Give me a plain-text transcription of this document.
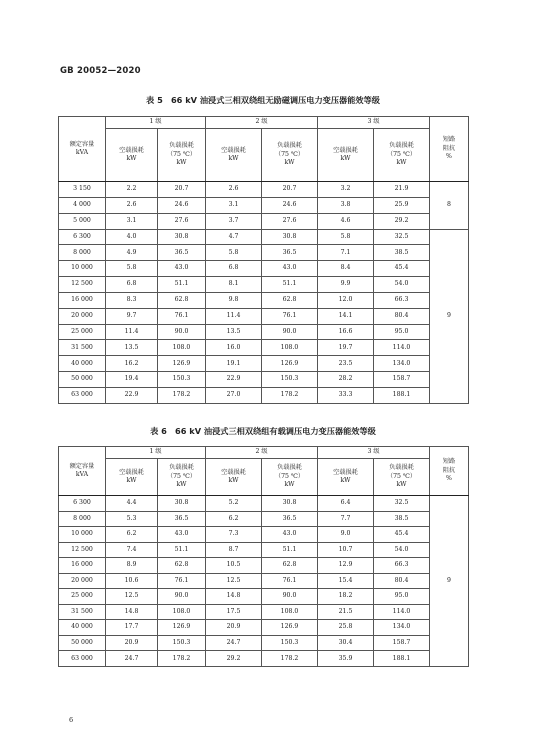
GB 20052—2020
表 5　66 kV 油浸式三相双绕组无励磁调压电力变压器能效等级
额定容量
kVA	1 级		2 级		3 级		短路
阻抗
%

	空载损耗
kW	负载损耗
（75 ℃）
kW	空载损耗
kW	负载损耗
（75 ℃）
kW	空载损耗
kW	负载损耗
（75 ℃）
kW	

3 150	2.2	20.7	2.6	20.7	3.2	21.9	8
4 000	2.6	24.6	3.1	24.6	3.8	25.9	
5 000	3.1	27.6	3.7	27.6	4.6	29.2	
6 300	4.0	30.8	4.7	30.8	5.8	32.5	9
8 000	4.9	36.5	5.8	36.5	7.1	38.5	
10 000	5.8	43.0	6.8	43.0	8.4	45.4	
12 500	6.8	51.1	8.1	51.1	9.9	54.0	
16 000	8.3	62.8	9.8	62.8	12.0	66.3	
20 000	9.7	76.1	11.4	76.1	14.1	80.4	
25 000	11.4	90.0	13.5	90.0	16.6	95.0	
31 500	13.5	108.0	16.0	108.0	19.7	114.0	
40 000	16.2	126.9	19.1	126.9	23.5	134.0	
50 000	19.4	150.3	22.9	150.3	28.2	158.7	
63 000	22.9	178.2	27.0	178.2	33.3	188.1	
表 6　66 kV 油浸式三相双绕组有载调压电力变压器能效等级
额定容量
kVA	1 级		2 级		3 级		短路
阻抗
%

	空载损耗
kW	负载损耗
（75 ℃）
kW	空载损耗
kW	负载损耗
（75 ℃）
kW	空载损耗
kW	负载损耗
（75 ℃）
kW	

6 300	4.4	30.8	5.2	30.8	6.4	32.5	9
8 000	5.3	36.5	6.2	36.5	7.7	38.5	
10 000	6.2	43.0	7.3	43.0	9.0	45.4	
12 500	7.4	51.1	8.7	51.1	10.7	54.0	
16 000	8.9	62.8	10.5	62.8	12.9	66.3	
20 000	10.6	76.1	12.5	76.1	15.4	80.4	
25 000	12.5	90.0	14.8	90.0	18.2	95.0	
31 500	14.8	108.0	17.5	108.0	21.5	114.0	
40 000	17.7	126.9	20.9	126.9	25.8	134.0	
50 000	20.9	150.3	24.7	150.3	30.4	158.7	
63 000	24.7	178.2	29.2	178.2	35.9	188.1	
6
